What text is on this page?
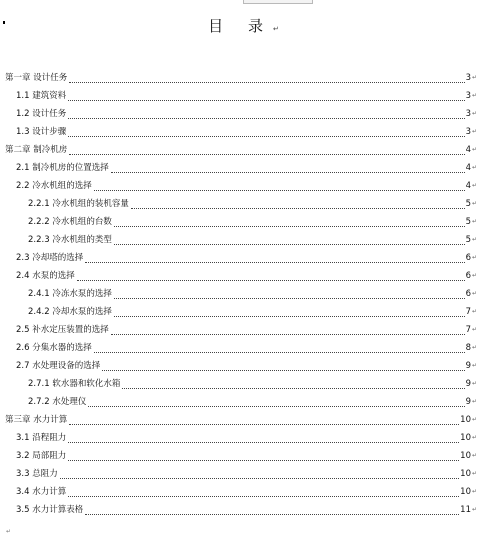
目 录↵
第一章 设计任务	3 ↵
1.1 建筑资料	3 ↵
1.2 设计任务	3 ↵
1.3 设计步骤	3 ↵
第二章 制冷机房	4 ↵
2.1 制冷机房的位置选择	4 ↵
2.2 冷水机组的选择	4 ↵
2.2.1 冷水机组的装机容量	5 ↵
2.2.2 冷水机组的台数	5 ↵
2.2.3 冷水机组的类型	5 ↵
2.3 冷却塔的选择	6 ↵
2.4 水泵的选择	6 ↵
2.4.1 冷冻水泵的选择	6 ↵
2.4.2 冷却水泵的选择	7 ↵
2.5 补水定压装置的选择	7 ↵
2.6 分集水器的选择	8 ↵
2.7 水处理设备的选择	9 ↵
2.7.1 软水器和软化水箱	9 ↵
2.7.2 水处理仪	9 ↵
第三章 水力计算	10 ↵
3.1 沿程阻力	10 ↵
3.2 局部阻力	10 ↵
3.3 总阻力	10 ↵
3.4 水力计算	10 ↵
3.5 水力计算表格	11 ↵
↵
